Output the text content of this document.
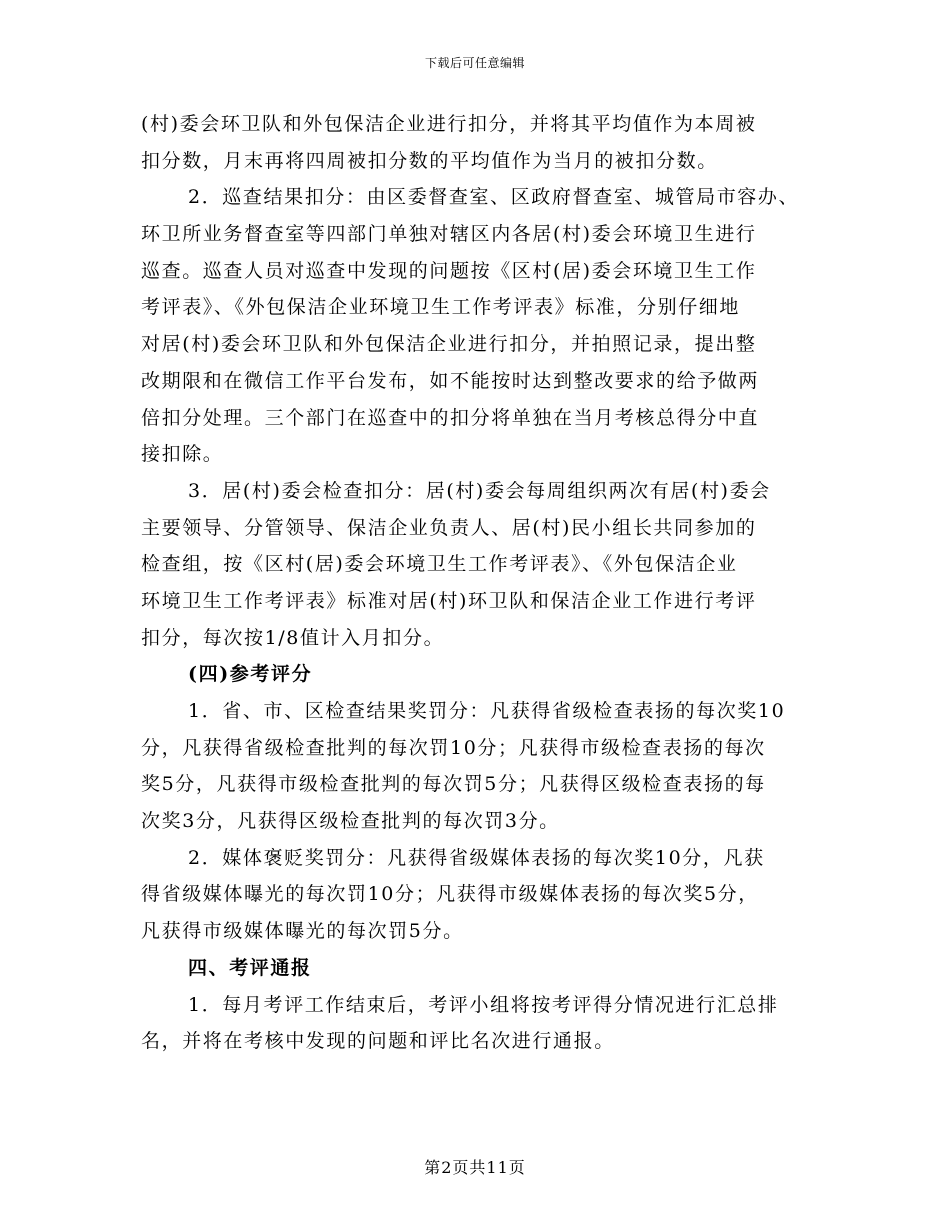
下载后可任意编辑
(村)委会环卫队和外包保洁企业进行扣分，并将其平均值作为本周被
扣分数，月末再将四周被扣分数的平均值作为当月的被扣分数。
2．巡查结果扣分：由区委督查室、区政府督查室、城管局市容办、
环卫所业务督查室等四部门单独对辖区内各居(村)委会环境卫生进行
巡查。巡查人员对巡查中发现的问题按《区村(居)委会环境卫生工作
考评表》、《外包保洁企业环境卫生工作考评表》标准，分别仔细地
对居(村)委会环卫队和外包保洁企业进行扣分，并拍照记录，提出整
改期限和在微信工作平台发布，如不能按时达到整改要求的给予做两
倍扣分处理。三个部门在巡查中的扣分将单独在当月考核总得分中直
接扣除。
3．居(村)委会检查扣分：居(村)委会每周组织两次有居(村)委会
主要领导、分管领导、保洁企业负责人、居(村)民小组长共同参加的
检查组，按《区村(居)委会环境卫生工作考评表》、《外包保洁企业
环境卫生工作考评表》标准对居(村)环卫队和保洁企业工作进行考评
扣分，每次按1/8值计入月扣分。
(四)参考评分
1．省、市、区检查结果奖罚分：凡获得省级检查表扬的每次奖10
分，凡获得省级检查批判的每次罚10分；凡获得市级检查表扬的每次
奖5分，凡获得市级检查批判的每次罚5分；凡获得区级检查表扬的每
次奖3分，凡获得区级检查批判的每次罚3分。
2．媒体褒贬奖罚分：凡获得省级媒体表扬的每次奖10分，凡获
得省级媒体曝光的每次罚10分；凡获得市级媒体表扬的每次奖5分，
凡获得市级媒体曝光的每次罚5分。
四、考评通报
1．每月考评工作结束后，考评小组将按考评得分情况进行汇总排
名，并将在考核中发现的问题和评比名次进行通报。
第2页共11页
